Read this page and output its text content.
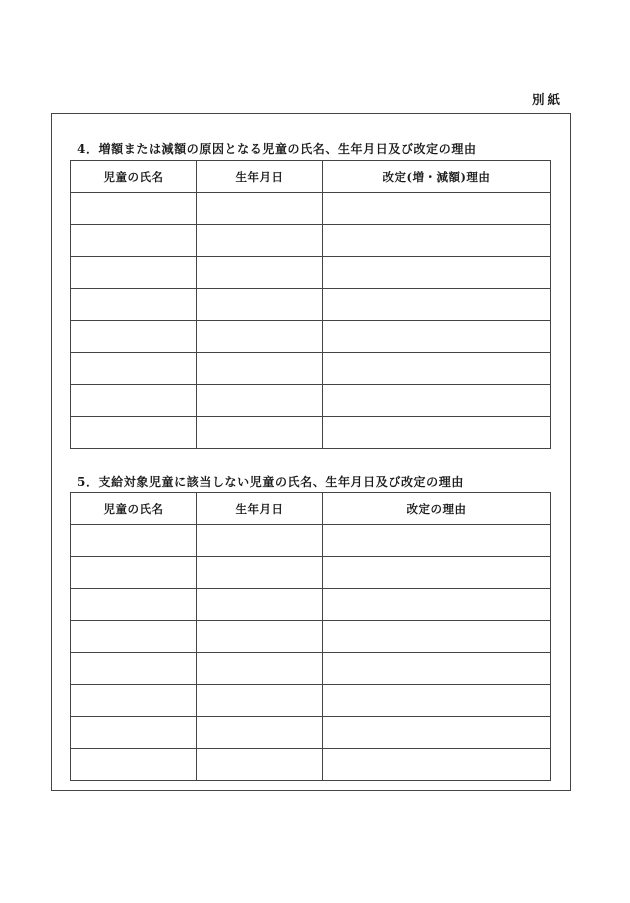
別紙
4．増額または減額の原因となる児童の氏名、生年月日及び改定の理由
児童の氏名	生年月日	改定(増・減額)理由

5．支給対象児童に該当しない児童の氏名、生年月日及び改定の理由
児童の氏名	生年月日	改定の理由
